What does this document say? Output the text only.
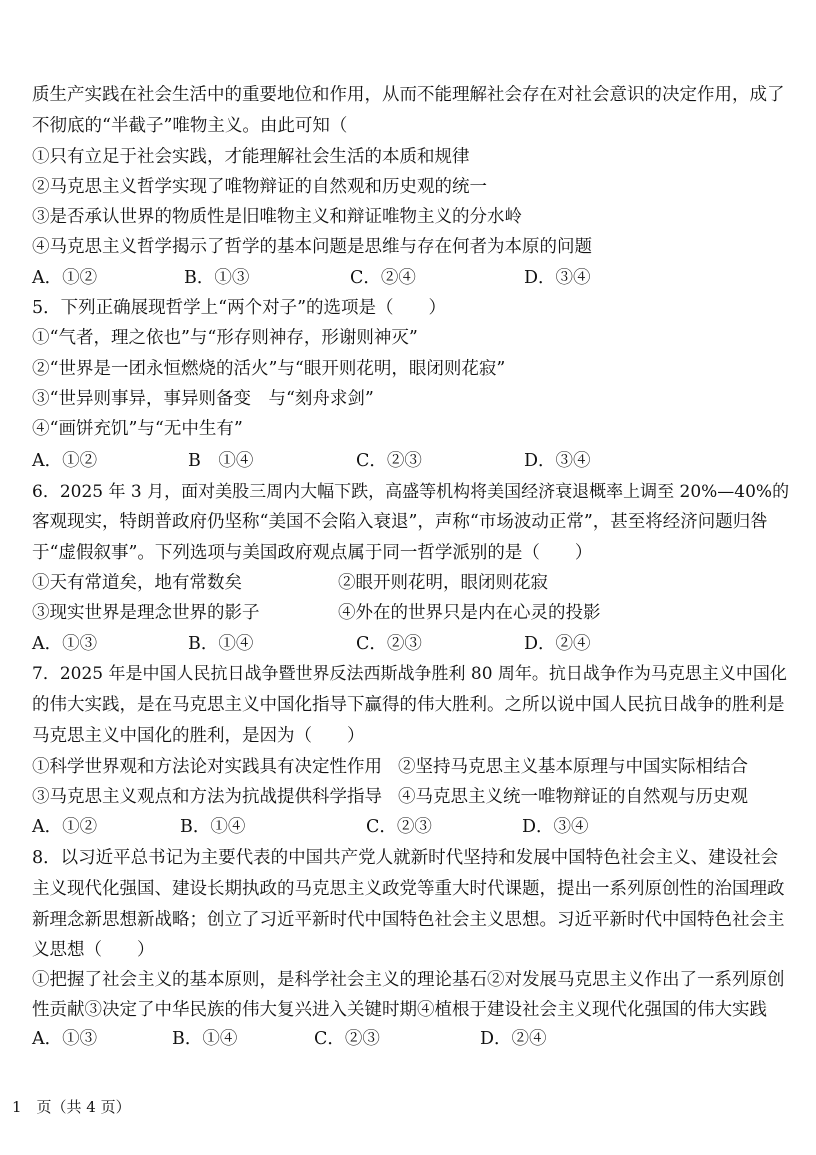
质生产实践在社会生活中的重要地位和作用，从而不能理解社会存在对社会意识的决定作用，成了
不彻底的“半截子”唯物主义。由此可知（
①只有立足于社会实践，才能理解社会生活的本质和规律
②马克思主义哲学实现了唯物辩证的自然观和历史观的统一
③是否承认世界的物质性是旧唯物主义和辩证唯物主义的分水岭
④马克思主义哲学揭示了哲学的基本问题是思维与存在何者为本原的问题
A．①②	B．①③	C．②④	D．③④
5．下列正确展现哲学上“两个对子”的选项是（　　）
①“气者，理之依也”与“形存则神存，形谢则神灭”
②“世界是一团永恒燃烧的活火”与“眼开则花明，眼闭则花寂”
③“世异则事异，事异则备变　与“刻舟求剑”
④“画饼充饥”与“无中生有”
A．①②	B　①④	C．②③	D．③④
6．2025 年 3 月，面对美股三周内大幅下跌，高盛等机构将美国经济衰退概率上调至 20%—40%的
客观现实，特朗普政府仍坚称“美国不会陷入衰退”，声称“市场波动正常”，甚至将经济问题归咎
于“虚假叙事”。下列选项与美国政府观点属于同一哲学派别的是（　　）
①天有常道矣，地有常数矣	②眼开则花明，眼闭则花寂
③现实世界是理念世界的影子	④外在的世界只是内在心灵的投影
A．①③	B．①④	C．②③	D．②④
7．2025 年是中国人民抗日战争暨世界反法西斯战争胜利 80 周年。抗日战争作为马克思主义中国化
的伟大实践，是在马克思主义中国化指导下赢得的伟大胜利。之所以说中国人民抗日战争的胜利是
马克思主义中国化的胜利，是因为（　　）
①科学世界观和方法论对实践具有决定性作用 ②坚持马克思主义基本原理与中国实际相结合
③马克思主义观点和方法为抗战提供科学指导 ④马克思主义统一唯物辩证的自然观与历史观
A．①②	B．①④	C．②③	D．③④
8．以习近平总书记为主要代表的中国共产党人就新时代坚持和发展中国特色社会主义、建设社会
主义现代化强国、建设长期执政的马克思主义政党等重大时代课题，提出一系列原创性的治国理政
新理念新思想新战略；创立了习近平新时代中国特色社会主义思想。习近平新时代中国特色社会主
义思想（　　）
①把握了社会主义的基本原则，是科学社会主义的理论基石②对发展马克思主义作出了一系列原创
性贡献③决定了中华民族的伟大复兴进入关键时期④植根于建设社会主义现代化强国的伟大实践
A．①③	B．①④	C．②③	D．②④
1　页（共 4 页）
